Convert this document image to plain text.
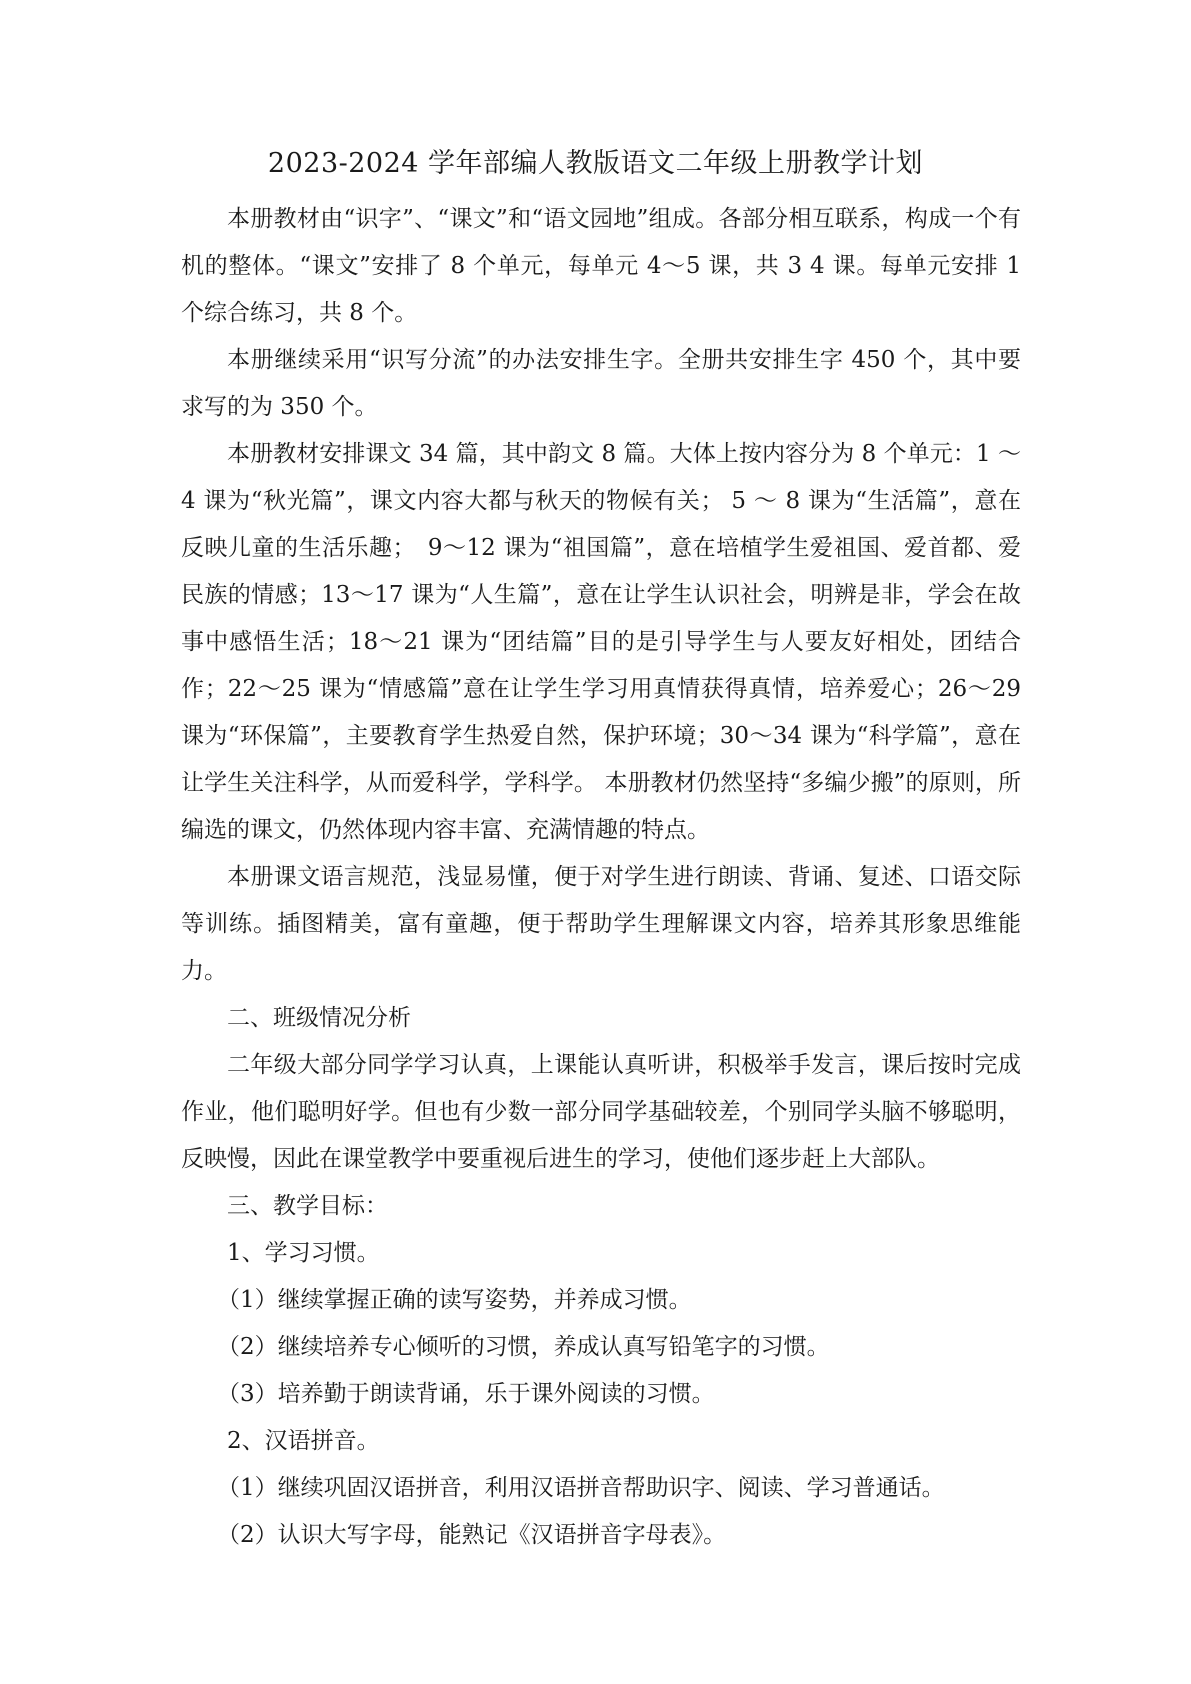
2023-2024 学年部编人教版语文二年级上册教学计划

本册教材由“识字”、“课文”和“语文园地”组成。各部分相互联系，构成一个有机的整体。“课文”安排了 8 个单元，每单元 4～5 课，共 3 4 课。每单元安排 1 个综合练习，共 8 个。

本册继续采用“识写分流”的办法安排生字。全册共安排生字 450 个，其中要求写的为 350 个。

本册教材安排课文 34 篇，其中韵文 8 篇。大体上按内容分为 8 个单元：1 ～ 4 课为“秋光篇”，课文内容大都与秋天的物候有关； 5 ～ 8 课为“生活篇”，意在反映儿童的生活乐趣；　9～12 课为“祖国篇”，意在培植学生爱祖国、爱首都、爱民族的情感；13～17 课为“人生篇”，意在让学生认识社会，明辨是非，学会在故事中感悟生活；18～21 课为“团结篇”目的是引导学生与人要友好相处，团结合作；22～25 课为“情感篇”意在让学生学习用真情获得真情，培养爱心；26～29 课为“环保篇”，主要教育学生热爱自然，保护环境；30～34 课为“科学篇”，意在让学生关注科学，从而爱科学，学科学。 本册教材仍然坚持“多编少搬”的原则，所编选的课文，仍然体现内容丰富、充满情趣的特点。

本册课文语言规范，浅显易懂，便于对学生进行朗读、背诵、复述、口语交际等训练。插图精美，富有童趣，便于帮助学生理解课文内容，培养其形象思维能力。

二、班级情况分析

二年级大部分同学学习认真，上课能认真听讲，积极举手发言，课后按时完成作业，他们聪明好学。但也有少数一部分同学基础较差，个别同学头脑不够聪明，反映慢，因此在课堂教学中要重视后进生的学习，使他们逐步赶上大部队。

三、教学目标：

1、学习习惯。

（1）继续掌握正确的读写姿势，并养成习惯。

（2）继续培养专心倾听的习惯，养成认真写铅笔字的习惯。

（3）培养勤于朗读背诵，乐于课外阅读的习惯。

2、汉语拼音。

（1）继续巩固汉语拼音，利用汉语拼音帮助识字、阅读、学习普通话。

（2）认识大写字母，能熟记《汉语拼音字母表》。
